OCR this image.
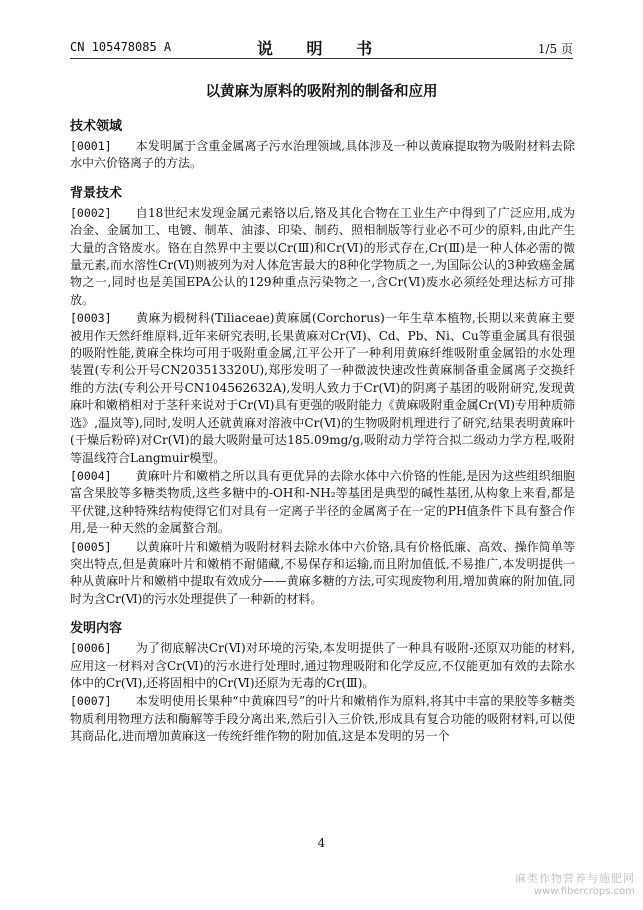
CN 105478085 A	说 明 书	1/5 页
以黄麻为原料的吸附剂的制备和应用
技术领域

[0001] 本发明属于含重金属离子污水治理领域,具体涉及一种以黄麻提取物为吸附材料去除水中六价铬离子的方法。

背景技术

[0002] 自18世纪末发现金属元素铬以后,铬及其化合物在工业生产中得到了广泛应用,成为冶金、金属加工、电镀、制革、油漆、印染、制药、照相制版等行业必不可少的原料,由此产生大量的含铬废水。铬在自然界中主要以Cr(Ⅲ)和Cr(Ⅵ)的形式存在,Cr(Ⅲ)是一种人体必需的微量元素,而水溶性Cr(Ⅵ)则被列为对人体危害最大的8种化学物质之一,为国际公认的3种致癌金属物之一,同时也是美国EPA公认的129种重点污染物之一,含Cr(Ⅵ)废水必须经处理达标方可排放。

[0003] 黄麻为椴树科(Tiliaceae)黄麻属(Corchorus)一年生草本植物,长期以来黄麻主要被用作天然纤维原料,近年来研究表明,长果黄麻对Cr(Ⅵ)、Cd、Pb、Ni、Cu等重金属具有很强的吸附性能,黄麻全株均可用于吸附重金属,江平公开了一种利用黄麻纤维吸附重金属铅的水处理装置(专利公开号CN203513320U),郑彤发明了一种微波快速改性黄麻制备重金属离子交换纤维的方法(专利公开号CN104562632A),发明人致力于Cr(Ⅵ)的阴离子基团的吸附研究,发现黄麻叶和嫩梢相对于茎秆来说对于Cr(Ⅵ)具有更强的吸附能力《黄麻吸附重金属Cr(Ⅵ)专用种质筛选》,温岚等),同时,发明人还就黄麻对溶液中Cr(Ⅵ)的生物吸附机理进行了研究,结果表明黄麻叶(干燥后粉碎)对Cr(Ⅵ)的最大吸附量可达185.09mg/g,吸附动力学符合拟二级动力学方程,吸附等温线符合Langmuir模型。

[0004] 黄麻叶片和嫩梢之所以具有更优异的去除水体中六价铬的性能,是因为这些组织细胞富含果胶等多糖类物质,这些多糖中的-OH和-NH₂等基团是典型的碱性基团,从构象上来看,都是平伏键,这种特殊结构使得它们对具有一定离子半径的金属离子在一定的PH值条件下具有螯合作用,是一种天然的金属螯合剂。

[0005] 以黄麻叶片和嫩梢为吸附材料去除水体中六价铬,具有价格低廉、高效、操作简单等突出特点,但是黄麻叶片和嫩梢不耐储藏,不易保存和运输,而且附加值低,不易推广,本发明提供一种从黄麻叶片和嫩梢中提取有效成分——黄麻多糖的方法,可实现废物利用,增加黄麻的附加值,同时为含Cr(Ⅵ)的污水处理提供了一种新的材料。

发明内容

[0006] 为了彻底解决Cr(Ⅵ)对环境的污染,本发明提供了一种具有吸附-还原双功能的材料,应用这一材料对含Cr(Ⅵ)的污水进行处理时,通过物理吸附和化学反应,不仅能更加有效的去除水体中的Cr(Ⅵ),还将固相中的Cr(Ⅵ)还原为无毒的Cr(Ⅲ)。

[0007] 本发明使用长果种“中黄麻四号”的叶片和嫩梢作为原料,将其中丰富的果胶等多糖类物质利用物理方法和酶解等手段分离出来,然后引入三价铁,形成具有复合功能的吸附材料,可以使其商品化,进而增加黄麻这一传统纤维作物的附加值,这是本发明的另一个

4
麻类作物营养与施肥网
www.fibercrops.com
